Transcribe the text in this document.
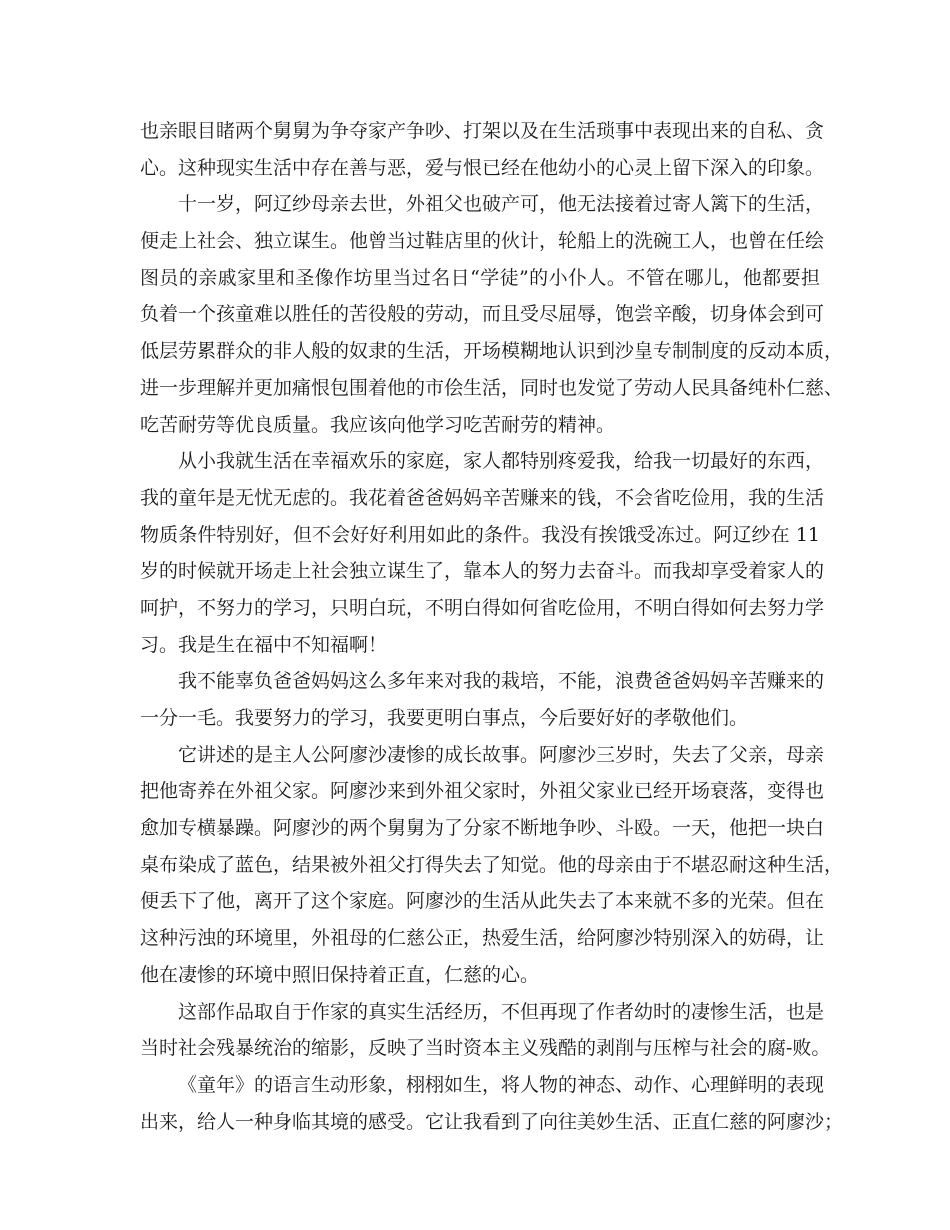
也亲眼目睹两个舅舅为争夺家产争吵、打架以及在生活琐事中表现出来的自私、贪
心。这种现实生活中存在善与恶，爱与恨已经在他幼小的心灵上留下深入的印象。
十一岁，阿辽纱母亲去世，外祖父也破产可，他无法接着过寄人篱下的生活，
便走上社会、独立谋生。他曾当过鞋店里的伙计，轮船上的洗碗工人，也曾在任绘
图员的亲戚家里和圣像作坊里当过名日“学徒”的小仆人。不管在哪儿，他都要担
负着一个孩童难以胜任的苦役般的劳动，而且受尽屈辱，饱尝辛酸，切身体会到可
低层劳累群众的非人般的奴隶的生活，开场模糊地认识到沙皇专制制度的反动本质，
进一步理解并更加痛恨包围着他的市侩生活，同时也发觉了劳动人民具备纯朴仁慈、
吃苦耐劳等优良质量。我应该向他学习吃苦耐劳的精神。
从小我就生活在幸福欢乐的家庭，家人都特别疼爱我，给我一切最好的东西，
我的童年是无忧无虑的。我花着爸爸妈妈辛苦赚来的钱，不会省吃俭用，我的生活
物质条件特别好，但不会好好利用如此的条件。我没有挨饿受冻过。阿辽纱在 11
岁的时候就开场走上社会独立谋生了，靠本人的努力去奋斗。而我却享受着家人的
呵护，不努力的学习，只明白玩，不明白得如何省吃俭用，不明白得如何去努力学
习。我是生在福中不知福啊！
我不能辜负爸爸妈妈这么多年来对我的栽培，不能，浪费爸爸妈妈辛苦赚来的
一分一毛。我要努力的学习，我要更明白事点，今后要好好的孝敬他们。
它讲述的是主人公阿廖沙凄惨的成长故事。阿廖沙三岁时，失去了父亲，母亲
把他寄养在外祖父家。阿廖沙来到外祖父家时，外祖父家业已经开场衰落，变得也
愈加专横暴躁。阿廖沙的两个舅舅为了分家不断地争吵、斗殴。一天，他把一块白
桌布染成了蓝色，结果被外祖父打得失去了知觉。他的母亲由于不堪忍耐这种生活，
便丢下了他，离开了这个家庭。阿廖沙的生活从此失去了本来就不多的光荣。但在
这种污浊的环境里，外祖母的仁慈公正，热爱生活，给阿廖沙特别深入的妨碍，让
他在凄惨的环境中照旧保持着正直，仁慈的心。
这部作品取自于作家的真实生活经历，不但再现了作者幼时的凄惨生活，也是
当时社会残暴统治的缩影，反映了当时资本主义残酷的剥削与压榨与社会的腐-败。
《童年》的语言生动形象，栩栩如生，将人物的神态、动作、心理鲜明的表现
出来，给人一种身临其境的感受。它让我看到了向往美妙生活、正直仁慈的阿廖沙；
